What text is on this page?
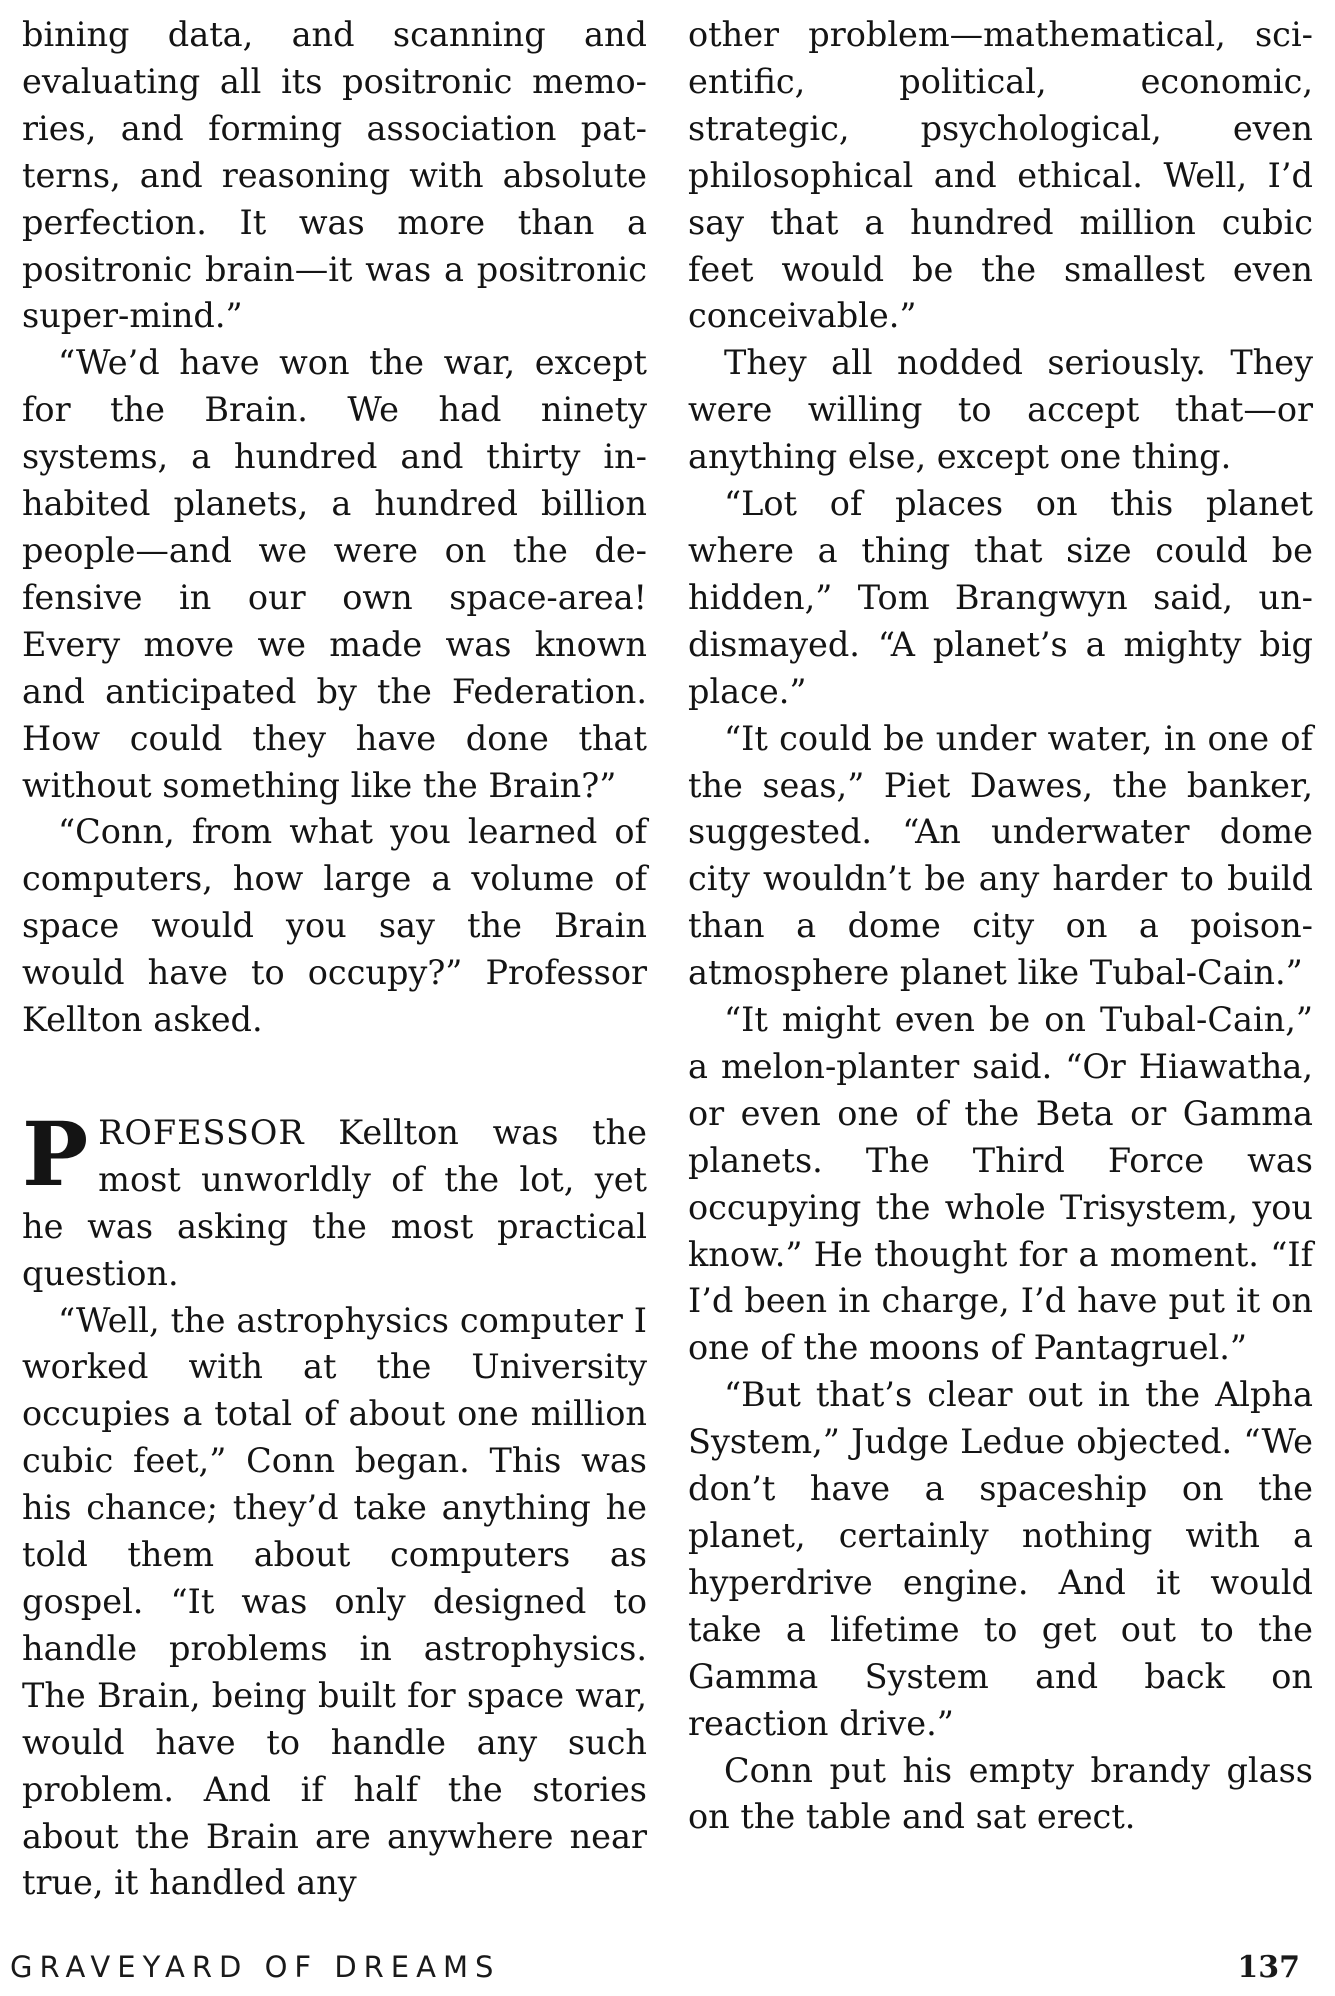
bining data, and scanning and evaluating all its positronic memories, and forming association patterns, and reasoning with absolute perfection. It was more than a positronic brain—it was a positronic super-mind.”

“We’d have won the war, except for the Brain. We had ninety systems, a hundred and thirty inhabited planets, a hundred billion people—and we were on the defensive in our own space-area! Every move we made was known and anticipated by the Federation. How could they have done that without something like the Brain?”

“Conn, from what you learned of computers, how large a volume of space would you say the Brain would have to occupy?” Professor Kellton asked.

PROFESSOR Kellton was the most unworldly of the lot, yet he was asking the most practical question.

“Well, the astrophysics computer I worked with at the University occupies a total of about one million cubic feet,” Conn began. This was his chance; they’d take anything he told them about computers as gospel. “It was only designed to handle problems in astrophysics. The Brain, being built for space war, would have to handle any such problem. And if half the stories about the Brain are anywhere near true, it handled any

other problem—mathematical, scientific, political, economic, strategic, psychological, even philosophical and ethical. Well, I’d say that a hundred million cubic feet would be the smallest even conceivable.”

They all nodded seriously. They were willing to accept that—or anything else, except one thing.

“Lot of places on this planet where a thing that size could be hidden,” Tom Brangwyn said, undismayed. “A planet’s a mighty big place.”

“It could be under water, in one of the seas,” Piet Dawes, the banker, suggested. “An underwater dome city wouldn’t be any harder to build than a dome city on a poison-atmosphere planet like Tubal-Cain.”

“It might even be on Tubal-Cain,” a melon-planter said. “Or Hiawatha, or even one of the Beta or Gamma planets. The Third Force was occupying the whole Trisystem, you know.” He thought for a moment. “If I’d been in charge, I’d have put it on one of the moons of Pantagruel.”

“But that’s clear out in the Alpha System,” Judge Ledue objected. “We don’t have a spaceship on the planet, certainly nothing with a hyperdrive engine. And it would take a lifetime to get out to the Gamma System and back on reaction drive.”

Conn put his empty brandy glass on the table and sat erect.

GRAVEYARD OF DREAMS	137
